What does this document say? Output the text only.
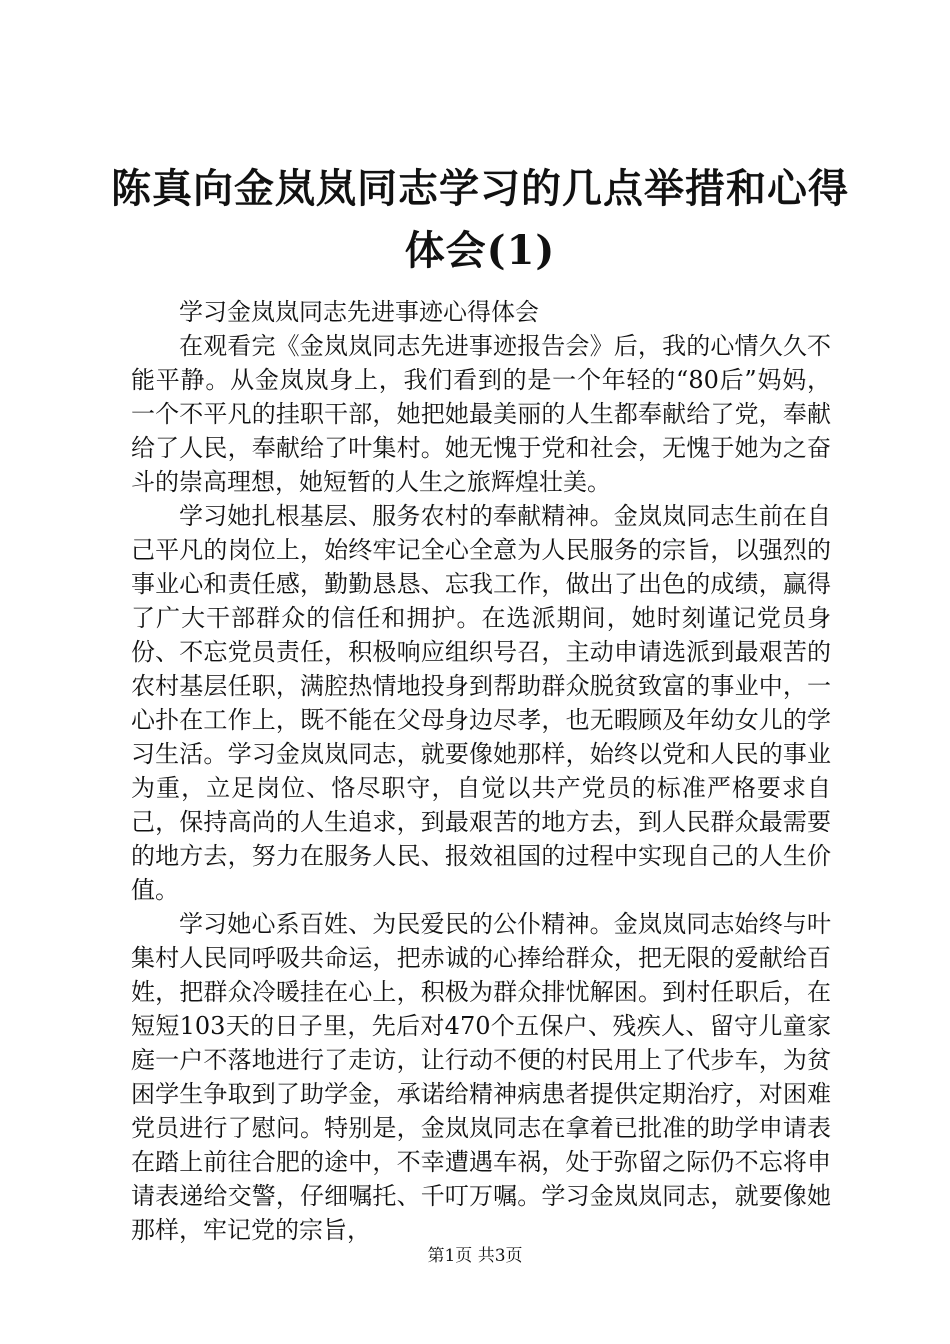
陈真向金岚岚同志学习的几点举措和心得体会(1)

学习金岚岚同志先进事迹心得体会

在观看完《金岚岚同志先进事迹报告会》后，我的心情久久不能平静。从金岚岚身上，我们看到的是一个年轻的“80后”妈妈，一个不平凡的挂职干部，她把她最美丽的人生都奉献给了党，奉献给了人民，奉献给了叶集村。她无愧于党和社会，无愧于她为之奋斗的崇高理想，她短暂的人生之旅辉煌壮美。

学习她扎根基层、服务农村的奉献精神。金岚岚同志生前在自己平凡的岗位上，始终牢记全心全意为人民服务的宗旨，以强烈的事业心和责任感，勤勤恳恳、忘我工作，做出了出色的成绩，赢得了广大干部群众的信任和拥护。在选派期间，她时刻谨记党员身份、不忘党员责任，积极响应组织号召，主动申请选派到最艰苦的农村基层任职，满腔热情地投身到帮助群众脱贫致富的事业中，一心扑在工作上，既不能在父母身边尽孝，也无暇顾及年幼女儿的学习生活。学习金岚岚同志，就要像她那样，始终以党和人民的事业为重，立足岗位、恪尽职守，自觉以共产党员的标准严格要求自己，保持高尚的人生追求，到最艰苦的地方去，到人民群众最需要的地方去，努力在服务人民、报效祖国的过程中实现自己的人生价值。

学习她心系百姓、为民爱民的公仆精神。金岚岚同志始终与叶集村人民同呼吸共命运，把赤诚的心捧给群众，把无限的爱献给百姓，把群众冷暖挂在心上，积极为群众排忧解困。到村任职后，在短短103天的日子里，先后对470个五保户、残疾人、留守儿童家庭一户不落地进行了走访，让行动不便的村民用上了代步车，为贫困学生争取到了助学金，承诺给精神病患者提供定期治疗，对困难党员进行了慰问。特别是，金岚岚同志在拿着已批准的助学申请表在踏上前往合肥的途中，不幸遭遇车祸，处于弥留之际仍不忘将申请表递给交警，仔细嘱托、千叮万嘱。学习金岚岚同志，就要像她那样，牢记党的宗旨，

第1页 共3页
